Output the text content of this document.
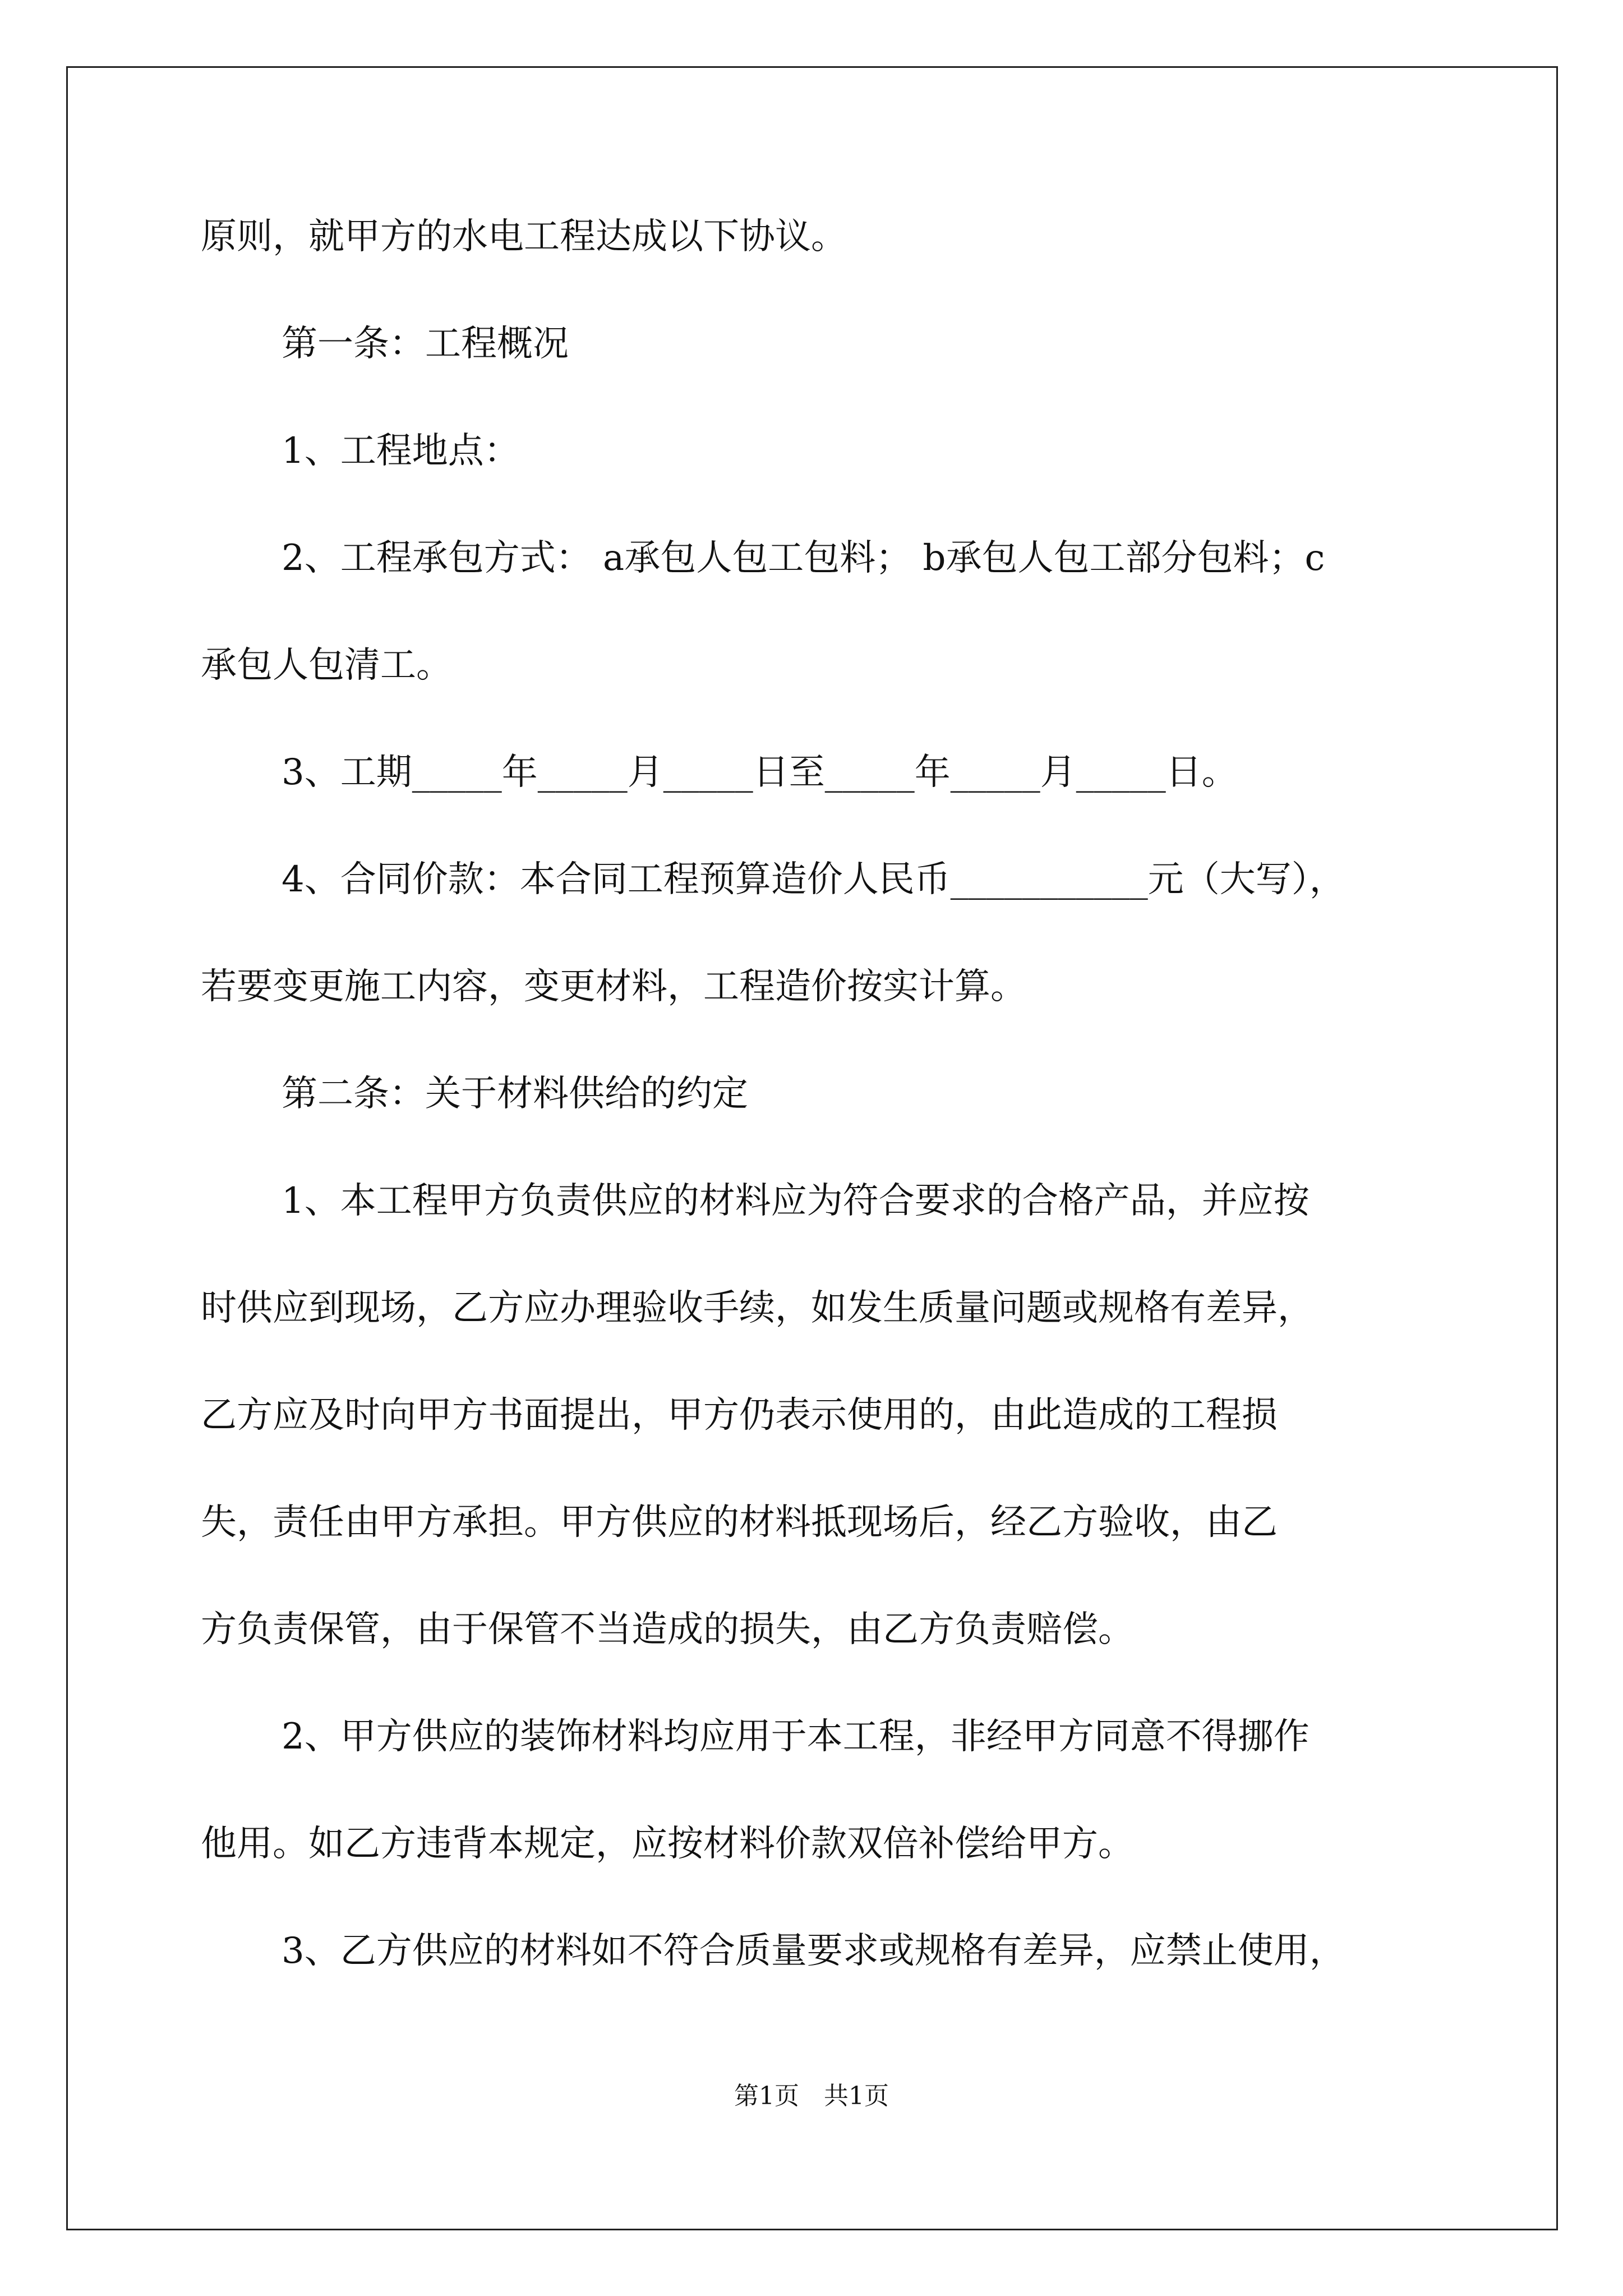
原则，就甲方的水电工程达成以下协议。

第一条：工程概况

1、工程地点：

2、工程承包方式： a承包人包工包料； b承包人包工部分包料；c

承包人包清工。

3、工期_____年_____月_____日至_____年_____月_____日。

4、合同价款：本合同工程预算造价人民币___________元（大写），

若要变更施工内容，变更材料，工程造价按实计算。

第二条：关于材料供给的约定

1、本工程甲方负责供应的材料应为符合要求的合格产品，并应按

时供应到现场，乙方应办理验收手续，如发生质量问题或规格有差异，

乙方应及时向甲方书面提出，甲方仍表示使用的，由此造成的工程损

失，责任由甲方承担。甲方供应的材料抵现场后，经乙方验收，由乙

方负责保管，由于保管不当造成的损失，由乙方负责赔偿。

2、甲方供应的装饰材料均应用于本工程，非经甲方同意不得挪作

他用。如乙方违背本规定，应按材料价款双倍补偿给甲方。

3、乙方供应的材料如不符合质量要求或规格有差异，应禁止使用，

第1页　共1页
